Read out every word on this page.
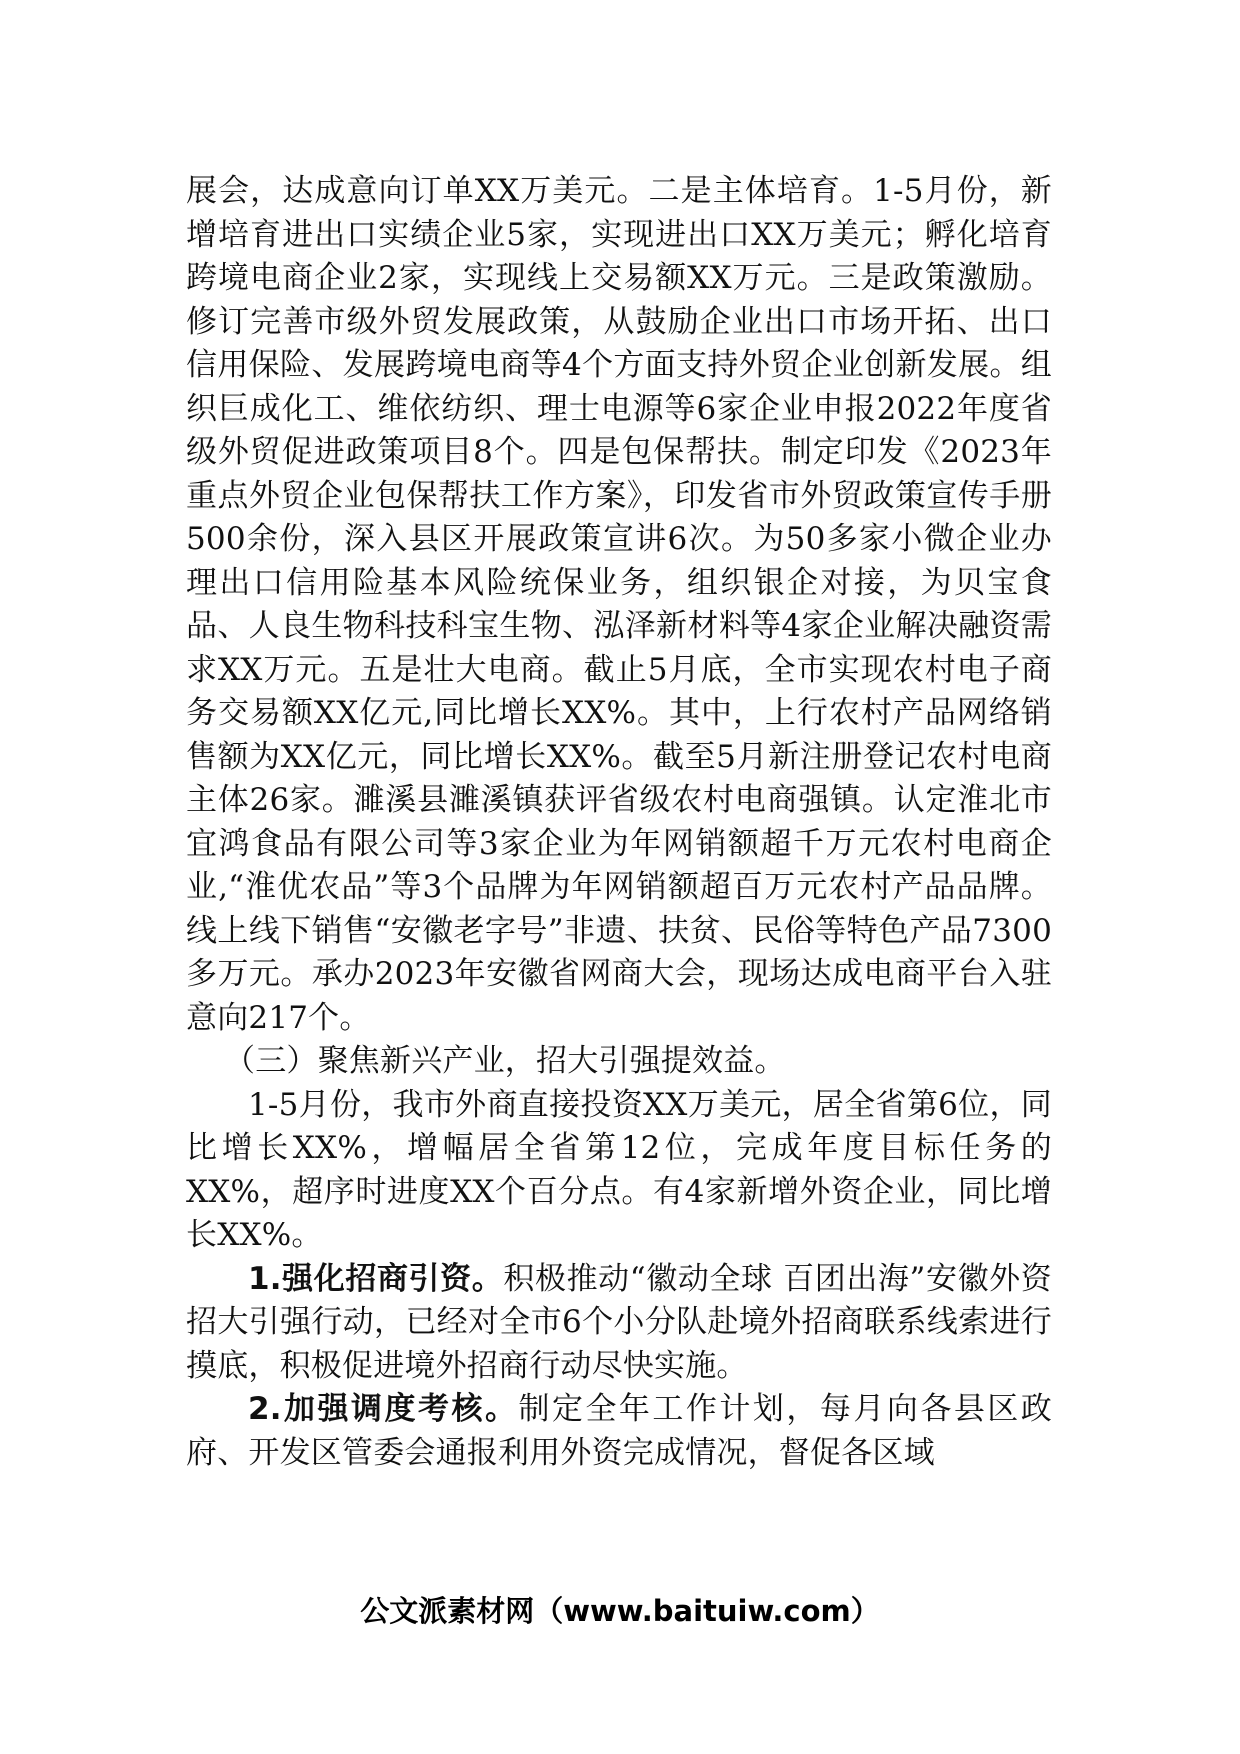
展会，达成意向订单XX万美元。二是主体培育。1-5月份，新增培育进出口实绩企业5家，实现进出口XX万美元；孵化培育跨境电商企业2家，实现线上交易额XX万元。三是政策激励。修订完善市级外贸发展政策，从鼓励企业出口市场开拓、出口信用保险、发展跨境电商等4个方面支持外贸企业创新发展。组织巨成化工、维依纺织、理士电源等6家企业申报2022年度省级外贸促进政策项目8个。四是包保帮扶。制定印发《2023年重点外贸企业包保帮扶工作方案》，印发省市外贸政策宣传手册500余份，深入县区开展政策宣讲6次。为50多家小微企业办理出口信用险基本风险统保业务，组织银企对接，为贝宝食品、人良生物科技科宝生物、泓泽新材料等4家企业解决融资需求XX万元。五是壮大电商。截止5月底，全市实现农村电子商务交易额XX亿元,同比增长XX%。其中，上行农村产品网络销售额为XX亿元，同比增长XX%。截至5月新注册登记农村电商主体26家。濉溪县濉溪镇获评省级农村电商强镇。认定淮北市宜鸿食品有限公司等3家企业为年网销额超千万元农村电商企业,“淮优农品”等3个品牌为年网销额超百万元农村产品品牌。线上线下销售“安徽老字号”非遗、扶贫、民俗等特色产品7300多万元。承办2023年安徽省网商大会，现场达成电商平台入驻意向217个。

（三）聚焦新兴产业，招大引强提效益。

1-5月份，我市外商直接投资XX万美元，居全省第6位，同比增长XX%，增幅居全省第12位，完成年度目标任务的XX%，超序时进度XX个百分点。有4家新增外资企业，同比增长XX%。

1.强化招商引资。积极推动“徽动全球 百团出海”安徽外资招大引强行动，已经对全市6个小分队赴境外招商联系线索进行摸底，积极促进境外招商行动尽快实施。

2.加强调度考核。制定全年工作计划，每月向各县区政府、开发区管委会通报利用外资完成情况，督促各区域

公文派素材网（www.baituiw.com）
